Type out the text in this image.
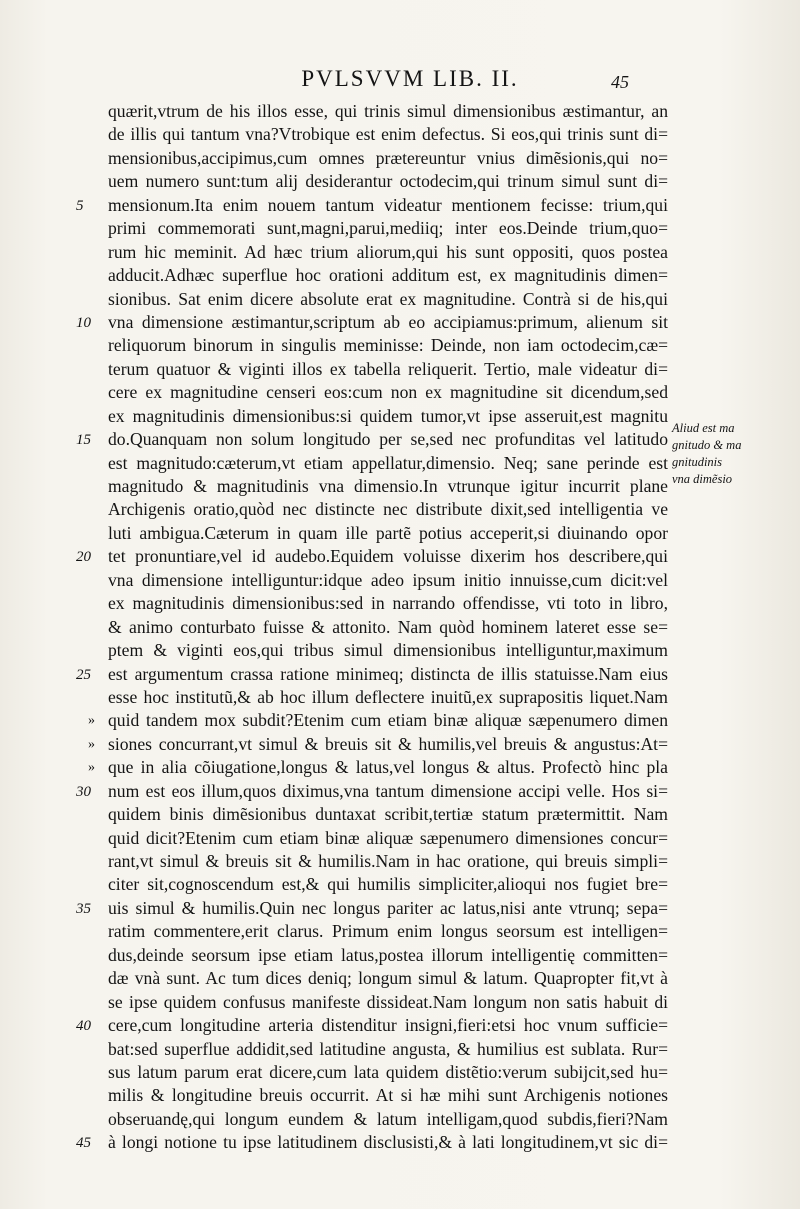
PVLSVVM LIB. II.	45
quærit,vtrum de his illos esse, qui trinis simul dimensionibus æstimantur, an
de illis qui tantum vna?Vtrobique est enim defectus. Si eos,qui trinis sunt di=
mensionibus,accipimus,cum omnes prætereuntur vnius dimẽsionis,qui no=
uem numero sunt:tum alij desiderantur octodecim,qui trinum simul sunt di=
5	mensionum.Ita enim nouem tantum videatur mentionem fecisse: trium,qui
primi commemorati sunt,magni,parui,mediiq; inter eos.Deinde trium,quo=
rum hic meminit. Ad hæc trium aliorum,qui his sunt oppositi, quos postea
adducit.Adhæc superflue hoc orationi additum est, ex magnitudinis dimen=
sionibus. Sat enim dicere absolute erat ex magnitudine. Contrà si de his,qui
10 vna dimensione æstimantur,scriptum ab eo accipiamus:primum, alienum sit
reliquorum binorum in singulis meminisse: Deinde, non iam octodecim,cæ=
terum quatuor & viginti illos ex tabella reliquerit. Tertio, male videatur di=
cere ex magnitudine censeri eos:cum non ex magnitudine sit dicendum,sed
ex magnitudinis dimensionibus:si quidem tumor,vt ipse asseruit,est magnitu
15 do.Quanquam non solum longitudo per se,sed nec profunditas vel latitudo
est magnitudo:cæterum,vt etiam appellatur,dimensio. Neq; sane perinde est
magnitudo & magnitudinis vna dimensio.In vtrunque igitur incurrit plane
Archigenis oratio,quòd nec distincte nec distribute dixit,sed intelligentia ve
luti ambigua.Cæterum in quam ille partẽ potius acceperit,si diuinando opor
20 tet pronuntiare,vel id audebo.Equidem voluisse dixerim hos describere,qui
vna dimensione intelliguntur:idque adeo ipsum initio innuisse,cum dicit:vel
ex magnitudinis dimensionibus:sed in narrando offendisse, vti toto in libro,
& animo conturbato fuisse & attonito. Nam quòd hominem lateret esse se=
ptem & viginti eos,qui tribus simul dimensionibus intelliguntur,maximum
25 est argumentum crassa ratione minimeq; distincta de illis statuisse.Nam eius
esse hoc institutũ,& ab hoc illum deflectere inuitũ,ex suprapositis liquet.Nam
» quid tandem mox subdit?Etenim cum etiam binæ aliquæ sæpenumero dimen
» siones concurrant,vt simul & breuis sit & humilis,vel breuis & angustus:At=
» que in alia cõiugatione,longus & latus,vel longus & altus. Profectò hinc pla
30 num est eos illum,quos diximus,vna tantum dimensione accipi velle. Hos si=
quidem binis dimẽsionibus duntaxat scribit,tertiæ statum prætermittit. Nam
quid dicit?Etenim cum etiam binæ aliquæ sæpenumero dimensiones concur=
rant,vt simul & breuis sit & humilis.Nam in hac oratione, qui breuis simpli=
citer sit,cognoscendum est,& qui humilis simpliciter,alioqui nos fugiet bre=
35 uis simul & humilis.Quin nec longus pariter ac latus,nisi ante vtrunq; sepa=
ratim commentere,erit clarus. Primum enim longus seorsum est intelligen=
dus,deinde seorsum ipse etiam latus,postea illorum intelligentię committen=
dæ vnà sunt. Ac tum dices deniq; longum simul & latum. Quapropter fit,vt à
se ipse quidem confusus manifeste dissideat.Nam longum non satis habuit di
40 cere,cum longitudine arteria distenditur insigni,fieri:etsi hoc vnum sufficie=
bat:sed superflue addidit,sed latitudine angusta, & humilius est sublata. Rur=
sus latum parum erat dicere,cum lata quidem distẽtio:verum subijcit,sed hu=
milis & longitudine breuis occurrit. At si hæ mihi sunt Archigenis notiones
obseruandę,qui longum eundem & latum intelligam,quod subdis,fieri?Nam
45 à longi notione tu ipse latitudinem disclusisti,& à lati longitudinem,vt sic di=
Aliud est ma
gnitudo & ma
gnitudinis
vna dimẽsio
